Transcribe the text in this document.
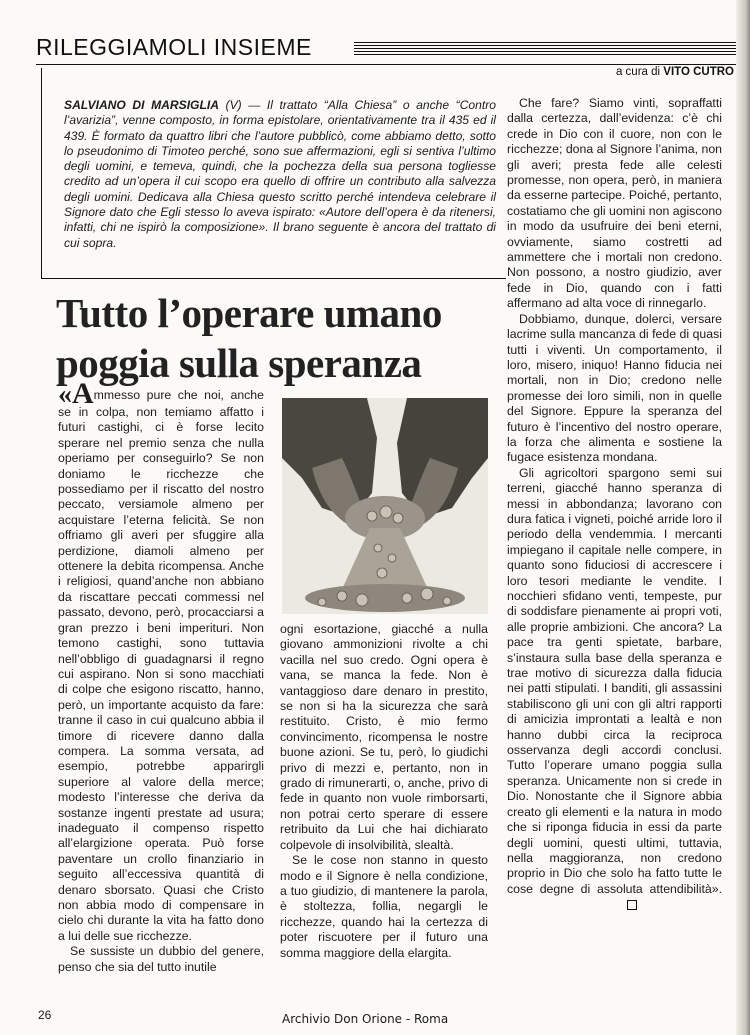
RILEGGIAMOLI INSIEME
a cura di VITO CUTRO

SALVIANO DI MARSIGLIA (V) — Il trattato “Alla Chiesa” o anche “Contro l’avarizia”, venne composto, in forma epistolare, orientativamente tra il 435 ed il 439. È formato da quattro libri che l’autore pubblicò, come abbiamo detto, sotto lo pseudonimo di Timoteo perché, sono sue affermazioni, egli si sentiva l’ultimo degli uomini, e temeva, quindi, che la pochezza della sua persona togliesse credito ad un’opera il cui scopo era quello di offrire un contributo alla salvezza degli uomini. Dedicava alla Chiesa questo scritto perché intendeva celebrare il Signore dato che Egli stesso lo aveva ispirato: «Autore dell’opera è da ritenersi, infatti, chi ne ispirò la composizione». Il brano seguente è ancora del trattato di cui sopra.

Tutto l’operare umano poggia sulla speranza

«Ammesso pure che noi, anche se in colpa, non temiamo affatto i futuri castighi, ci è forse lecito sperare nel premio senza che nulla operiamo per conseguirlo? Se non doniamo le ricchezze che possediamo per il riscatto del nostro peccato, versiamole almeno per acquistare l’eterna felicità. Se non offriamo gli averi per sfuggire alla perdizione, diamoli almeno per ottenere la debita ricompensa. Anche i religiosi, quand’anche non abbiano da riscattare peccati commessi nel passato, devono, però, procacciarsi a gran prezzo i beni imperituri. Non temono castighi, sono tuttavia nell’obbligo di guadagnarsi il regno cui aspirano. Non si sono macchiati di colpe che esigono riscatto, hanno, però, un importante acquisto da fare: tranne il caso in cui qualcuno abbia il timore di ricevere danno dalla compera. La somma versata, ad esempio, potrebbe apparirgli superiore al valore della merce; modesto l’interesse che deriva da sostanze ingenti prestate ad usura; inadeguato il compenso rispetto all’elargizione operata. Può forse paventare un crollo finanziario in seguito all’eccessiva quantità di denaro sborsato. Quasi che Cristo non abbia modo di compensare in cielo chi durante la vita ha fatto dono a lui delle sue ricchezze.

Se sussiste un dubbio del genere, penso che sia del tutto inutile

ogni esortazione, giacché a nulla giovano ammonizioni rivolte a chi vacilla nel suo credo. Ogni opera è vana, se manca la fede. Non è vantaggioso dare denaro in prestito, se non si ha la sicurezza che sarà restituito. Cristo, è mio fermo convincimento, ricompensa le nostre buone azioni. Se tu, però, lo giudichi privo di mezzi e, pertanto, non in grado di rimunerarti, o, anche, privo di fede in quanto non vuole rimborsarti, non potrai certo sperare di essere retribuito da Lui che hai dichiarato colpevole di insolvibilità, slealtà.

Se le cose non stanno in questo modo e il Signore è nella condizione, a tuo giudizio, di mantenere la parola, è stoltezza, follia, negargli le ricchezze, quando hai la certezza di poter riscuotere per il futuro una somma maggiore della elargita.

Che fare? Siamo vinti, sopraffatti dalla certezza, dall’evidenza: c’è chi crede in Dio con il cuore, non con le ricchezze; dona al Signore l’anima, non gli averi; presta fede alle celesti promesse, non opera, però, in maniera da esserne partecipe. Poiché, pertanto, costatiamo che gli uomini non agiscono in modo da usufruire dei beni eterni, ovviamente, siamo costretti ad ammettere che i mortali non credono. Non possono, a nostro giudizio, aver fede in Dio, quando con i fatti affermano ad alta voce di rinnegarlo.

Dobbiamo, dunque, dolerci, versare lacrime sulla mancanza di fede di quasi tutti i viventi. Un comportamento, il loro, misero, iniquo! Hanno fiducia nei mortali, non in Dio; credono nelle promesse dei loro simili, non in quelle del Signore. Eppure la speranza del futuro è l’incentivo del nostro operare, la forza che alimenta e sostiene la fugace esistenza mondana.

Gli agricoltori spargono semi sui terreni, giacché hanno speranza di messi in abbondanza; lavorano con dura fatica i vigneti, poiché arride loro il periodo della vendemmia. I mercanti impiegano il capitale nelle compere, in quanto sono fiduciosi di accrescere i loro tesori mediante le vendite. I nocchieri sfidano venti, tempeste, pur di soddisfare pienamente ai propri voti, alle proprie ambizioni. Che ancora? La pace tra genti spietate, barbare, s’instaura sulla base della speranza e trae motivo di sicurezza dalla fiducia nei patti stipulati. I banditi, gli assassini stabiliscono gli uni con gli altri rapporti di amicizia improntati a lealtà e non hanno dubbi circa la reciproca osservanza degli accordi conclusi. Tutto l’operare umano poggia sulla speranza. Unicamente non si crede in Dio. Nonostante che il Signore abbia creato gli elementi e la natura in modo che si riponga fiducia in essi da parte degli uomini, questi ultimi, tuttavia, nella maggioranza, non credono proprio in Dio che solo ha fatto tutte le cose degne di assoluta attendibilità».

26	Archivio Don Orione - Roma
